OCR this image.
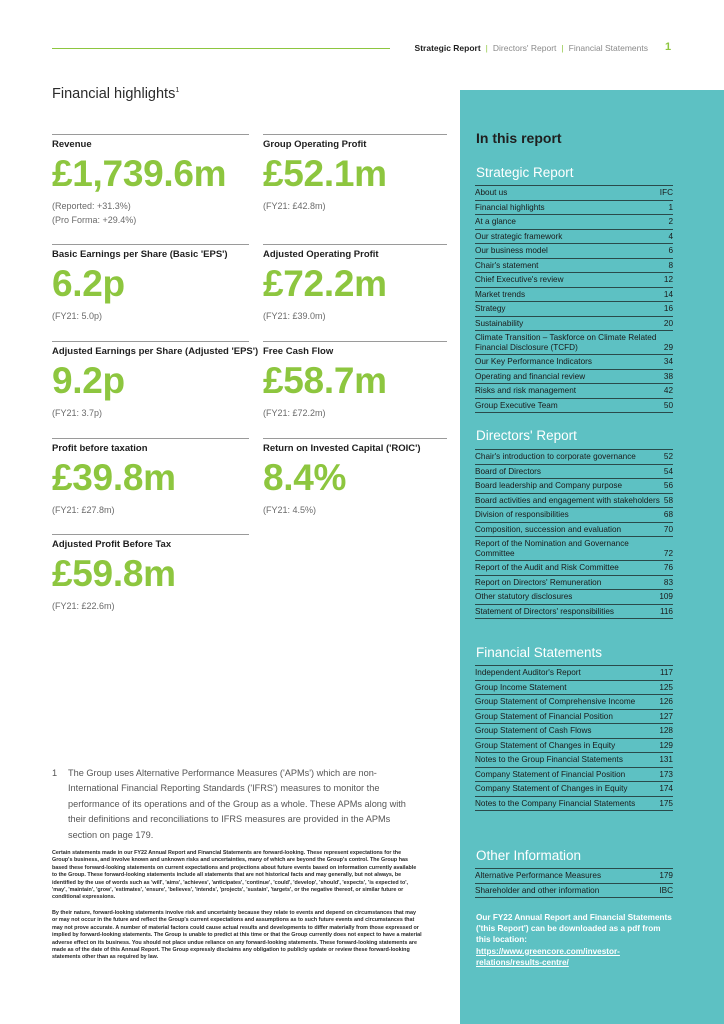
Strategic Report | Directors' Report | Financial Statements 1
Financial highlights$^1$
Revenue
£1,739.6m
(Reported: +31.3%)
(Pro Forma: +29.4%)
Group Operating Profit
£52.1m
(FY21: £42.8m)
Basic Earnings per Share (Basic 'EPS')
6.2p
(FY21: 5.0p)
Adjusted Operating Profit
£72.2m
(FY21: £39.0m)
Adjusted Earnings per Share (Adjusted 'EPS')
9.2p
(FY21: 3.7p)
Free Cash Flow
£58.7m
(FY21: £72.2m)
Profit before taxation
£39.8m
(FY21: £27.8m)
Return on Invested Capital ('ROIC')
8.4%
(FY21: 4.5%)
Adjusted Profit Before Tax
£59.8m
(FY21: £22.6m)
1	The Group uses Alternative Performance Measures ('APMs') which are non-International Financial Reporting Standards ('IFRS') measures to monitor the performance of its operations and of the Group as a whole. These APMs along with their definitions and reconciliations to IFRS measures are provided in the APMs section on page 179.
Certain statements made in our FY22 Annual Report and Financial Statements are forward-looking. These represent expectations for the Group's business, and involve known and unknown risks and uncertainties, many of which are beyond the Group's control. The Group has based these forward-looking statements on current expectations and projections about future events based on information currently available to the Group. These forward-looking statements include all statements that are not historical facts and may generally, but not always, be identified by the use of words such as 'will', 'aims', 'achieves', 'anticipates', 'continue', 'could', 'develop', 'should', 'expects', 'is expected to', 'may', 'maintain', 'grow', 'estimates', 'ensure', 'believes', 'intends', 'projects', 'sustain', 'targets', or the negative thereof, or similar future or conditional expressions.
By their nature, forward-looking statements involve risk and uncertainty because they relate to events and depend on circumstances that may or may not occur in the future and reflect the Group's current expectations and assumptions as to such future events and circumstances that may not prove accurate. A number of material factors could cause actual results and developments to differ materially from those expressed or implied by forward-looking statements. The Group is unable to predict at this time or that the Group currently does not expect to have a material adverse effect on its business. You should not place undue reliance on any forward-looking statements. These forward-looking statements are made as of the date of this Annual Report. The Group expressly disclaims any obligation to publicly update or review these forward-looking statements other than as required by law.
In this report
Strategic Report
About us	IFC
Financial highlights	1
At a glance	2
Our strategic framework	4
Our business model	6
Chair's statement	8
Chief Executive's review	12
Market trends	14
Strategy	16
Sustainability	20
Climate Transition – Taskforce on Climate Related Financial Disclosure (TCFD)	29
Our Key Performance Indicators	34
Operating and financial review	38
Risks and risk management	42
Group Executive Team	50
Directors' Report
Chair's introduction to corporate governance	52
Board of Directors	54
Board leadership and Company purpose	56
Board activities and engagement with stakeholders 58
Division of responsibilities	68
Composition, succession and evaluation	70
Report of the Nomination and Governance Committee	72
Report of the Audit and Risk Committee	76
Report on Directors' Remuneration	83
Other statutory disclosures	109
Statement of Directors' responsibilities	116
Financial Statements
Independent Auditor's Report	117
Group Income Statement	125
Group Statement of Comprehensive Income	126
Group Statement of Financial Position	127
Group Statement of Cash Flows	128
Group Statement of Changes in Equity	129
Notes to the Group Financial Statements	131
Company Statement of Financial Position	173
Company Statement of Changes in Equity	174
Notes to the Company Financial Statements	175
Other Information
Alternative Performance Measures	179
Shareholder and other information	IBC
Our FY22 Annual Report and Financial Statements ('this Report') can be downloaded as a pdf from this location: https://www.greencore.com/investor-relations/results-centre/
